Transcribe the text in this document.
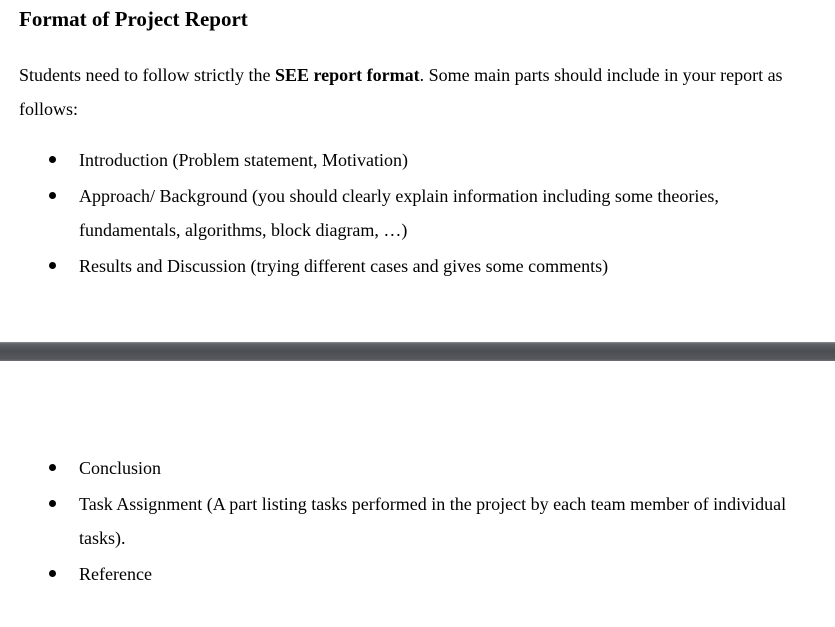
Format of Project Report

Students need to follow strictly the SEE report format. Some main parts should include in your report as follows:

Introduction (Problem statement, Motivation)
Approach/ Background (you should clearly explain information including some theories, fundamentals, algorithms, block diagram, …)
Results and Discussion (trying different cases and gives some comments)
Conclusion
Task Assignment (A part listing tasks performed in the project by each team member of individual tasks).
Reference
